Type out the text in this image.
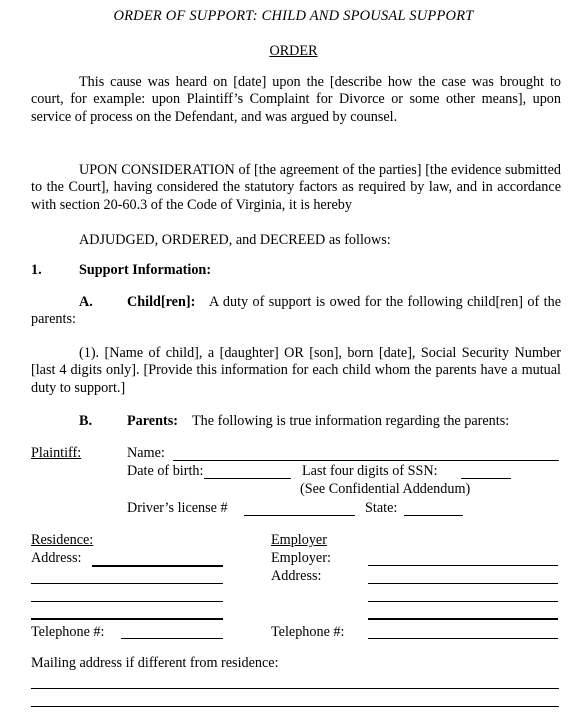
ORDER OF SUPPORT: CHILD AND SPOUSAL SUPPORT
ORDER
This cause was heard on [date] upon the [describe how the case was brought to court, for example: upon Plaintiff’s Complaint for Divorce or some other means], upon service of process on the Defendant, and was argued by counsel.
UPON CONSIDERATION of [the agreement of the parties] [the evidence submitted to the Court], having considered the statutory factors as required by law, and in accordance with section 20-60.3 of the Code of Virginia, it is hereby
ADJUDGED, ORDERED, and DECREED as follows:
1.	Support Information:
A. Child[ren]: A duty of support is owed for the following child[ren] of the parents:
(1). [Name of child], a [daughter] OR [son], born [date], Social Security Number [last 4 digits only]. [Provide this information for each child whom the parents have a mutual duty to support.]
B. Parents: The following is true information regarding the parents:
Plaintiff:	Name:
Date of birth:	Last four digits of SSN:
(See Confidential Addendum)
Driver’s license #	State:
Residence:	Employer
Address:	Employer:
Address:
Telephone #:	Telephone #:
Mailing address if different from residence:
